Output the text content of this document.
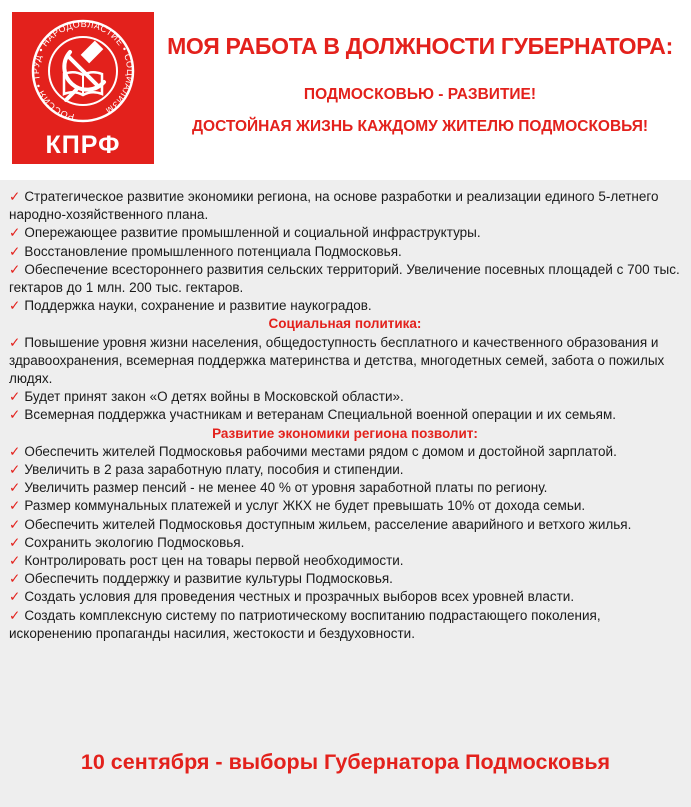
РОССИЯ • ТРУД • НАРОДОВЛАСТИЕ • СОЦИАЛИЗМ
КПРФ
МОЯ РАБОТА В ДОЛЖНОСТИ ГУБЕРНАТОРА:
ПОДМОСКОВЬЮ - РАЗВИТИЕ!
ДОСТОЙНАЯ ЖИЗНЬ КАЖДОМУ ЖИТЕЛЮ ПОДМОСКОВЬЯ!

✓ Стратегическое развитие экономики региона, на основе разработки и реализации единого 5-летнего народно-хозяйственного плана.

✓ Опережающее развитие промышленной и социальной инфраструктуры.

✓ Восстановление промышленного потенциала Подмосковья.

✓ Обеспечение всестороннего развития сельских территорий. Увеличение посевных площадей с 700 тыс. гектаров до 1 млн. 200 тыс. гектаров.

✓ Поддержка науки, сохранение и развитие наукоградов.

Социальная политика:

✓ Повышение уровня жизни населения, общедоступность бесплатного и качественного образования и здравоохранения, всемерная поддержка материнства и детства, многодетных семей, забота о пожилых людях.

✓ Будет принят закон «О детях войны в Московской области».

✓ Всемерная поддержка участникам и ветеранам Специальной военной операции и их семьям.

Развитие экономики региона позволит:

✓ Обеспечить жителей Подмосковья рабочими местами рядом с домом и достойной зарплатой.

✓ Увеличить в 2 раза заработную плату, пособия и стипендии.

✓ Увеличить размер пенсий - не менее 40 % от уровня заработной платы по региону.

✓ Размер коммунальных платежей и услуг ЖКХ не будет превышать 10% от дохода семьи.

✓ Обеспечить жителей Подмосковья доступным жильем, расселение аварийного и ветхого жилья.

✓ Сохранить экологию Подмосковья.

✓ Контролировать рост цен на товары первой необходимости.

✓ Обеспечить поддержку и развитие культуры Подмосковья.

✓ Создать условия для проведения честных и прозрачных выборов всех уровней власти.

✓ Создать комплексную систему по патриотическому воспитанию подрастающего поколения, искоренению пропаганды насилия, жестокости и бездуховности.

10 сентября - выборы Губернатора Подмосковья
